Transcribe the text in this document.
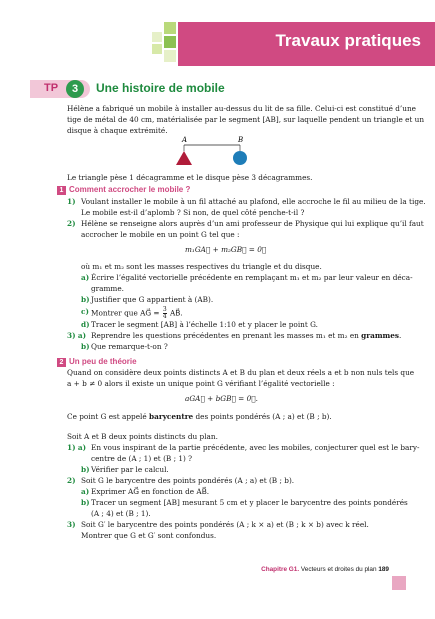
Travaux pratiques
TP	3	Une histoire de mobile
Hélène a fabriqué un mobile à installer au-dessus du lit de sa fille. Celui-ci est constitué d’une
tige de métal de 40 cm, matérialisée par le segment [AB], sur laquelle pendent un triangle et un
disque à chaque extrémité.
A	B
Le triangle pèse 1 décagramme et le disque pèse 3 décagrammes.
1 Comment accrocher le mobile ?
1) Voulant installer le mobile à un fil attaché au plafond, elle accroche le fil au milieu de la tige.
Le mobile est-il d’aplomb ? Si non, de quel côté penche-t-il ?
2) Hélène se renseigne alors auprès d’un ami professeur de Physique qui lui explique qu’il faut
accrocher le mobile en un point G tel que :
m₁GA⃗ + m₂GB⃗ = 0⃗
où m₁ et m₂ sont les masses respectives du triangle et du disque.
a) Écrire l’égalité vectorielle précédente en remplaçant m₁ et m₂ par leur valeur en déca-
gramme.
b) Justifier que G appartient à (AB).
c) Montrer que AG⃗ = $\frac{3}{4}$ AB⃗.
d) Tracer le segment [AB] à l’échelle 1:10 et y placer le point G.
3) a) Reprendre les questions précédentes en prenant les masses m₁ et m₂ en grammes.
b) Que remarque-t-on ?
2 Un peu de théorie
Quand on considère deux points distincts A et B du plan et deux réels a et b non nuls tels que
a + b ≠ 0 alors il existe un unique point G vérifiant l’égalité vectorielle :
aGA⃗ + bGB⃗ = 0⃗.
Ce point G est appelé barycentre des points pondérés (A ; a) et (B ; b).
Soit A et B deux points distincts du plan.
1) a) En vous inspirant de la partie précédente, avec les mobiles, conjecturer quel est le bary-
centre de (A ; 1) et (B ; 1) ?
b) Vérifier par le calcul.
2) Soit G le barycentre des points pondérés (A ; a) et (B ; b).
a) Exprimer AG⃗ en fonction de AB⃗.
b) Tracer un segment [AB] mesurant 5 cm et y placer le barycentre des points pondérés
(A ; 4) et (B ; 1).
3) Soit G′ le barycentre des points pondérés (A ; k × a) et (B ; k × b) avec k réel.
Montrer que G et G′ sont confondus.
Chapitre G1. Vecteurs et droites du plan 189
